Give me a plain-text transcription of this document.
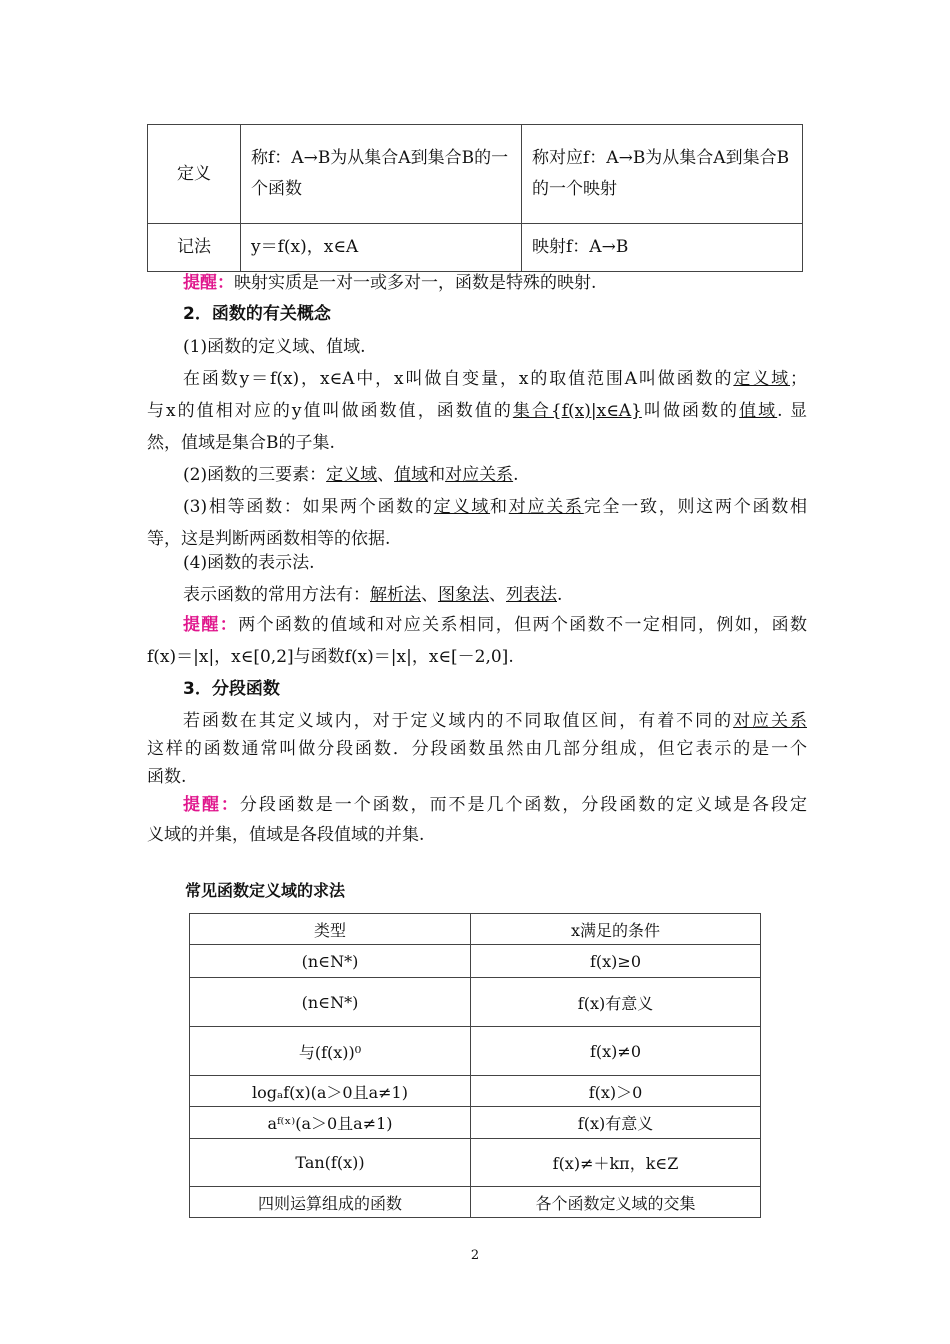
定义	称f：A→B为从集合A到集合B的一个函数	称对应f：A→B为从集合A到集合B的一个映射
记法	y＝f(x)，x∈A	映射f：A→B
提醒：映射实质是一对一或多对一，函数是特殊的映射.
2．函数的有关概念
(1)函数的定义域、值域.
在函数y＝f(x)，x∈A中，x叫做自变量，x的取值范围A叫做函数的定义域；
与x的值相对应的y值叫做函数值，函数值的集合{f(x)|x∈A}叫做函数的值域. 显
然，值域是集合B的子集.
(2)函数的三要素：定义域、值域和对应关系.
(3)相等函数：如果两个函数的定义域和对应关系完全一致，则这两个函数相
等，这是判断两函数相等的依据.
(4)函数的表示法.
表示函数的常用方法有：解析法、图象法、列表法.
提醒：两个函数的值域和对应关系相同，但两个函数不一定相同，例如，函数
f(x)＝|x|，x∈[0,2]与函数f(x)＝|x|，x∈[－2,0].
3．分段函数
若函数在其定义域内，对于定义域内的不同取值区间，有着不同的对应关系
这样的函数通常叫做分段函数．分段函数虽然由几部分组成，但它表示的是一个
函数.
提醒：分段函数是一个函数，而不是几个函数，分段函数的定义域是各段定
义域的并集，值域是各段值域的并集.
常见函数定义域的求法
类型	x满足的条件
(n∈N*)	f(x)≥0
(n∈N*)	f(x)有意义
与(f(x))⁰	f(x)≠0
logₐf(x)(a＞0且a≠1)	f(x)＞0
aᶠ⁽ˣ⁾(a＞0且a≠1)	f(x)有意义
Tan(f(x))	f(x)≠＋kπ，k∈Z
四则运算组成的函数	各个函数定义域的交集
2
